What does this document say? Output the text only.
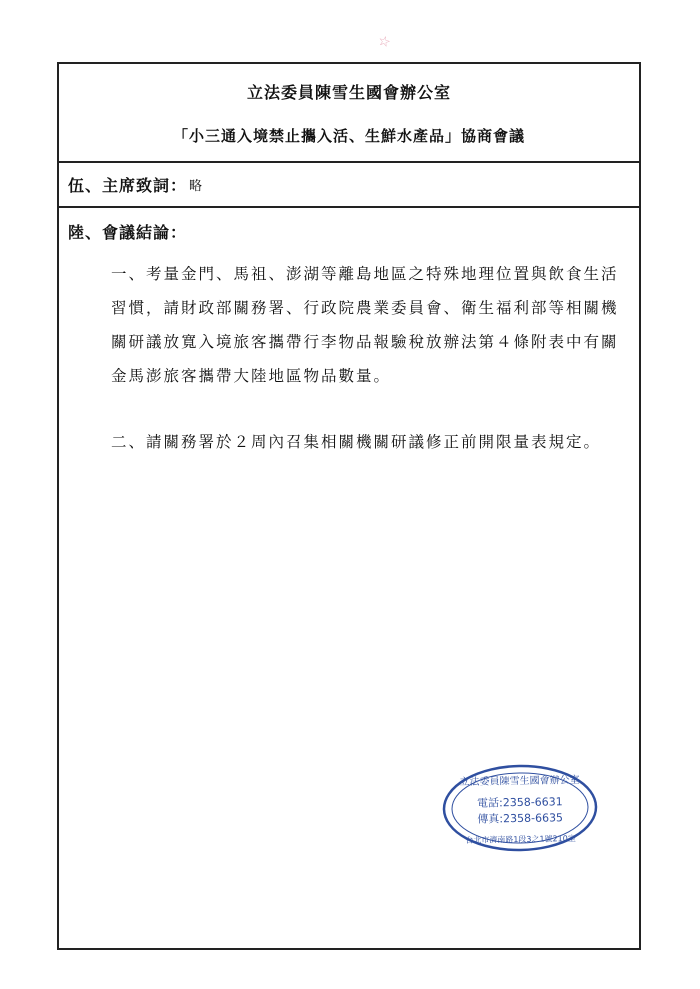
☆
立法委員陳雪生國會辦公室
「小三通入境禁止攜入活、生鮮水產品」協商會議
伍、主席致詞： 略
陸、會議結論：
一、考量金門、馬祖、澎湖等離島地區之特殊地理位置與飲食生活習慣，請財政部關務署、行政院農業委員會、衛生福利部等相關機關研議放寬入境旅客攜帶行李物品報驗稅放辦法第４條附表中有關金馬澎旅客攜帶大陸地區物品數量。
二、請關務署於２周內召集相關機關研議修正前開限量表規定。
立法委員陳雪生國會辦公室
電話:2358-6631
傳真:2358-6635
台北市濟南路1段3之1號210室
